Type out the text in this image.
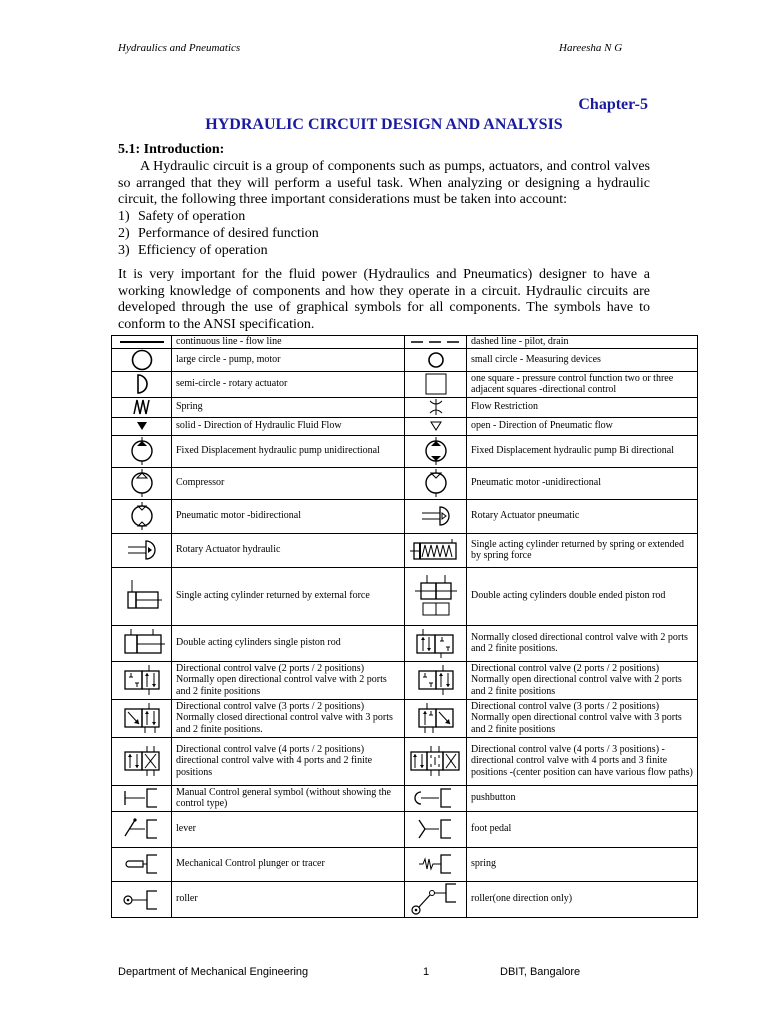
Hydraulics and Pneumatics	Hareesha N G
Chapter-5
HYDRAULIC CIRCUIT DESIGN AND ANALYSIS
5.1: Introduction:

A Hydraulic circuit is a group of components such as pumps, actuators, and control valves so arranged that they will perform a useful task. When analyzing or designing a hydraulic circuit, the following three important considerations must be taken into account:

1) Safety of operation
2) Performance of desired function
3) Efficiency of operation

It is very important for the fluid power (Hydraulics and Pneumatics) designer to have a working knowledge of components and how they operate in a circuit. Hydraulic circuits are developed through the use of graphical symbols for all components. The symbols have to conform to the ANSI specification.

	continuous line - flow line		dashed line - pilot, drain

	large circle - pump, motor		small circle - Measuring devices

	semi-circle - rotary actuator		one square - pressure control function two or three adjacent squares -directional control

	Spring		Flow Restriction

	solid - Direction of Hydraulic Fluid Flow		open - Direction of Pneumatic flow

	Fixed Displacement hydraulic pump unidirectional		Fixed Displacement hydraulic pump Bi directional

	Compressor		Pneumatic motor -unidirectional

	Pneumatic motor -bidirectional		Rotary Actuator pneumatic

	Rotary Actuator hydraulic		Single acting cylinder returned by spring or extended by spring force

	Single acting cylinder returned by external force		Double acting cylinders double ended piston rod

	Double acting cylinders single piston rod		Normally closed directional control valve with 2 ports and 2 finite positions.

	Directional control valve (2 ports / 2 positions) Normally open directional control valve with 2 ports and 2 finite positions		Directional control valve (2 ports / 2 positions) Normally open directional control valve with 2 ports and 2 finite positions

	Directional control valve (3 ports / 2 positions) Normally closed directional control valve with 3 ports and 2 finite positions.		Directional control valve (3 ports / 2 positions) Normally open directional control valve with 3 ports and 2 finite positions

	Directional control valve (4 ports / 2 positions) directional control valve with 4 ports and 2 finite positions		Directional control valve (4 ports / 3 positions) - directional control valve with 4 ports and 3 finite positions -(center position can have various flow paths)

	Manual Control general symbol (without showing the control type)		pushbutton

	lever		foot pedal

	Mechanical Control plunger or tracer		spring

	roller		roller(one direction only)
Department of Mechanical Engineering	1	DBIT, Bangalore
